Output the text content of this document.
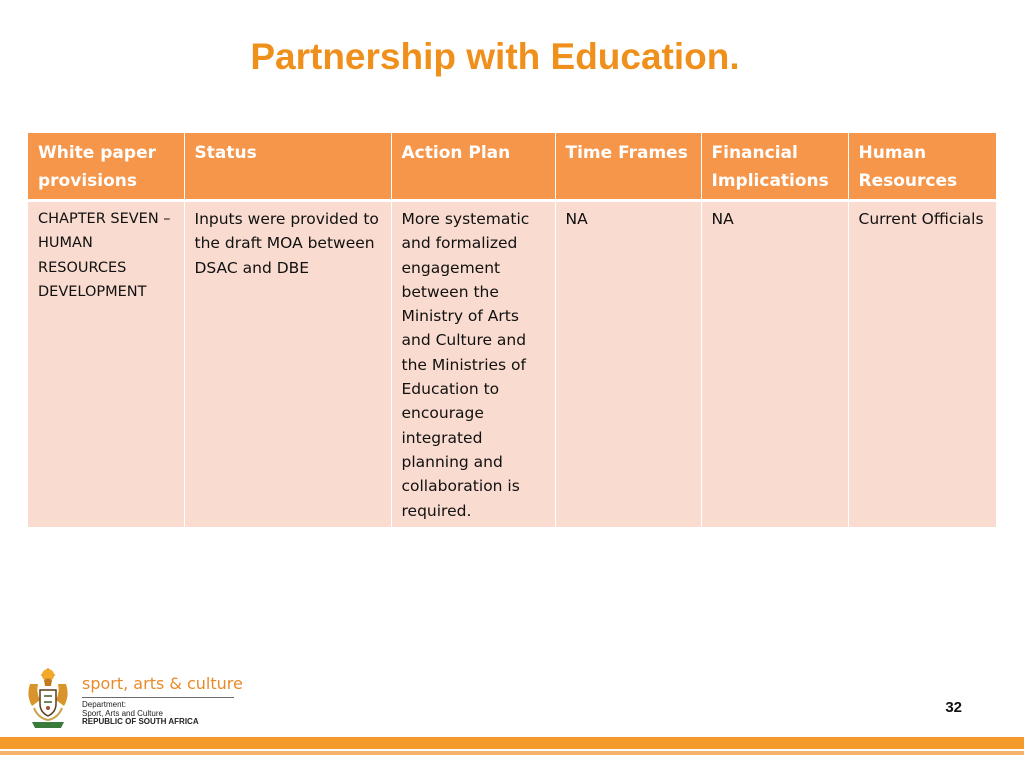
Partnership with Education.
White paper provisions	Status	Action Plan	Time Frames	Financial Implications	Human Resources
CHAPTER SEVEN – HUMAN RESOURCES DEVELOPMENT	Inputs were provided to the draft MOA between DSAC and DBE	More systematic and formalized engagement between the Ministry of Arts and Culture and the Ministries of Education to encourage integrated planning and collaboration is required.	NA	NA	Current Officials
sport, arts & culture
Department:
Sport, Arts and Culture
REPUBLIC OF SOUTH AFRICA
32
